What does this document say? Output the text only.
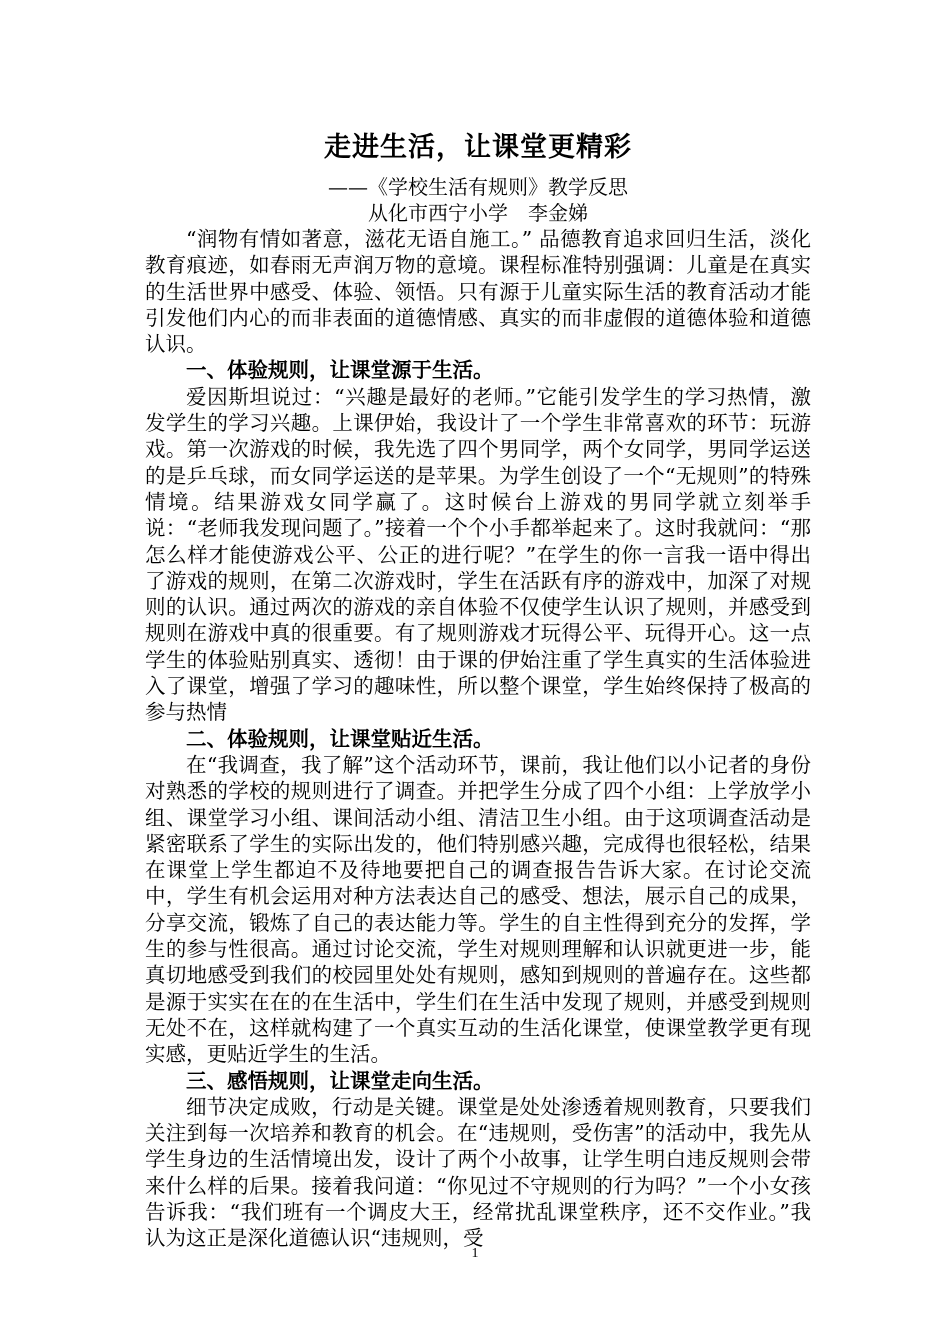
走进生活，让课堂更精彩

——《学校生活有规则》教学反思

从化市西宁小学　李金娣

“润物有情如著意，滋花无语自施工。” 品德教育追求回归生活，淡化教育痕迹，如春雨无声润万物的意境。课程标准特别强调：儿童是在真实的生活世界中感受、体验、领悟。只有源于儿童实际生活的教育活动才能引发他们内心的而非表面的道德情感、真实的而非虚假的道德体验和道德认识。

一、体验规则，让课堂源于生活。

爱因斯坦说过：“兴趣是最好的老师。”它能引发学生的学习热情，激发学生的学习兴趣。上课伊始，我设计了一个学生非常喜欢的环节：玩游戏。第一次游戏的时候，我先选了四个男同学，两个女同学，男同学运送的是乒乓球，而女同学运送的是苹果。为学生创设了一个“无规则”的特殊情境。结果游戏女同学赢了。这时候台上游戏的男同学就立刻举手说：“老师我发现问题了。”接着一个个小手都举起来了。这时我就问：“那怎么样才能使游戏公平、公正的进行呢？”在学生的你一言我一语中得出了游戏的规则，在第二次游戏时，学生在活跃有序的游戏中，加深了对规则的认识。通过两次的游戏的亲自体验不仅使学生认识了规则，并感受到规则在游戏中真的很重要。有了规则游戏才玩得公平、玩得开心。这一点学生的体验贴别真实、透彻！由于课的伊始注重了学生真实的生活体验进入了课堂，增强了学习的趣味性，所以整个课堂，学生始终保持了极高的参与热情

二、体验规则，让课堂贴近生活。

在“我调查，我了解”这个活动环节，课前，我让他们以小记者的身份对熟悉的学校的规则进行了调查。并把学生分成了四个小组：上学放学小组、课堂学习小组、课间活动小组、清洁卫生小组。由于这项调查活动是紧密联系了学生的实际出发的，他们特别感兴趣，完成得也很轻松，结果在课堂上学生都迫不及待地要把自己的调查报告告诉大家。在讨论交流中，学生有机会运用对种方法表达自己的感受、想法，展示自己的成果，分享交流，锻炼了自己的表达能力等。学生的自主性得到充分的发挥，学生的参与性很高。通过讨论交流，学生对规则理解和认识就更进一步，能真切地感受到我们的校园里处处有规则，感知到规则的普遍存在。这些都是源于实实在在的在生活中，学生们在生活中发现了规则，并感受到规则无处不在，这样就构建了一个真实互动的生活化课堂，使课堂教学更有现实感，更贴近学生的生活。

三、感悟规则，让课堂走向生活。

细节决定成败，行动是关键。课堂是处处渗透着规则教育，只要我们关注到每一次培养和教育的机会。在“违规则，受伤害”的活动中，我先从学生身边的生活情境出发，设计了两个小故事，让学生明白违反规则会带来什么样的后果。接着我问道：“你见过不守规则的行为吗？”一个小女孩告诉我：“我们班有一个调皮大王，经常扰乱课堂秩序，还不交作业。”我认为这正是深化道德认识“违规则，受

1
